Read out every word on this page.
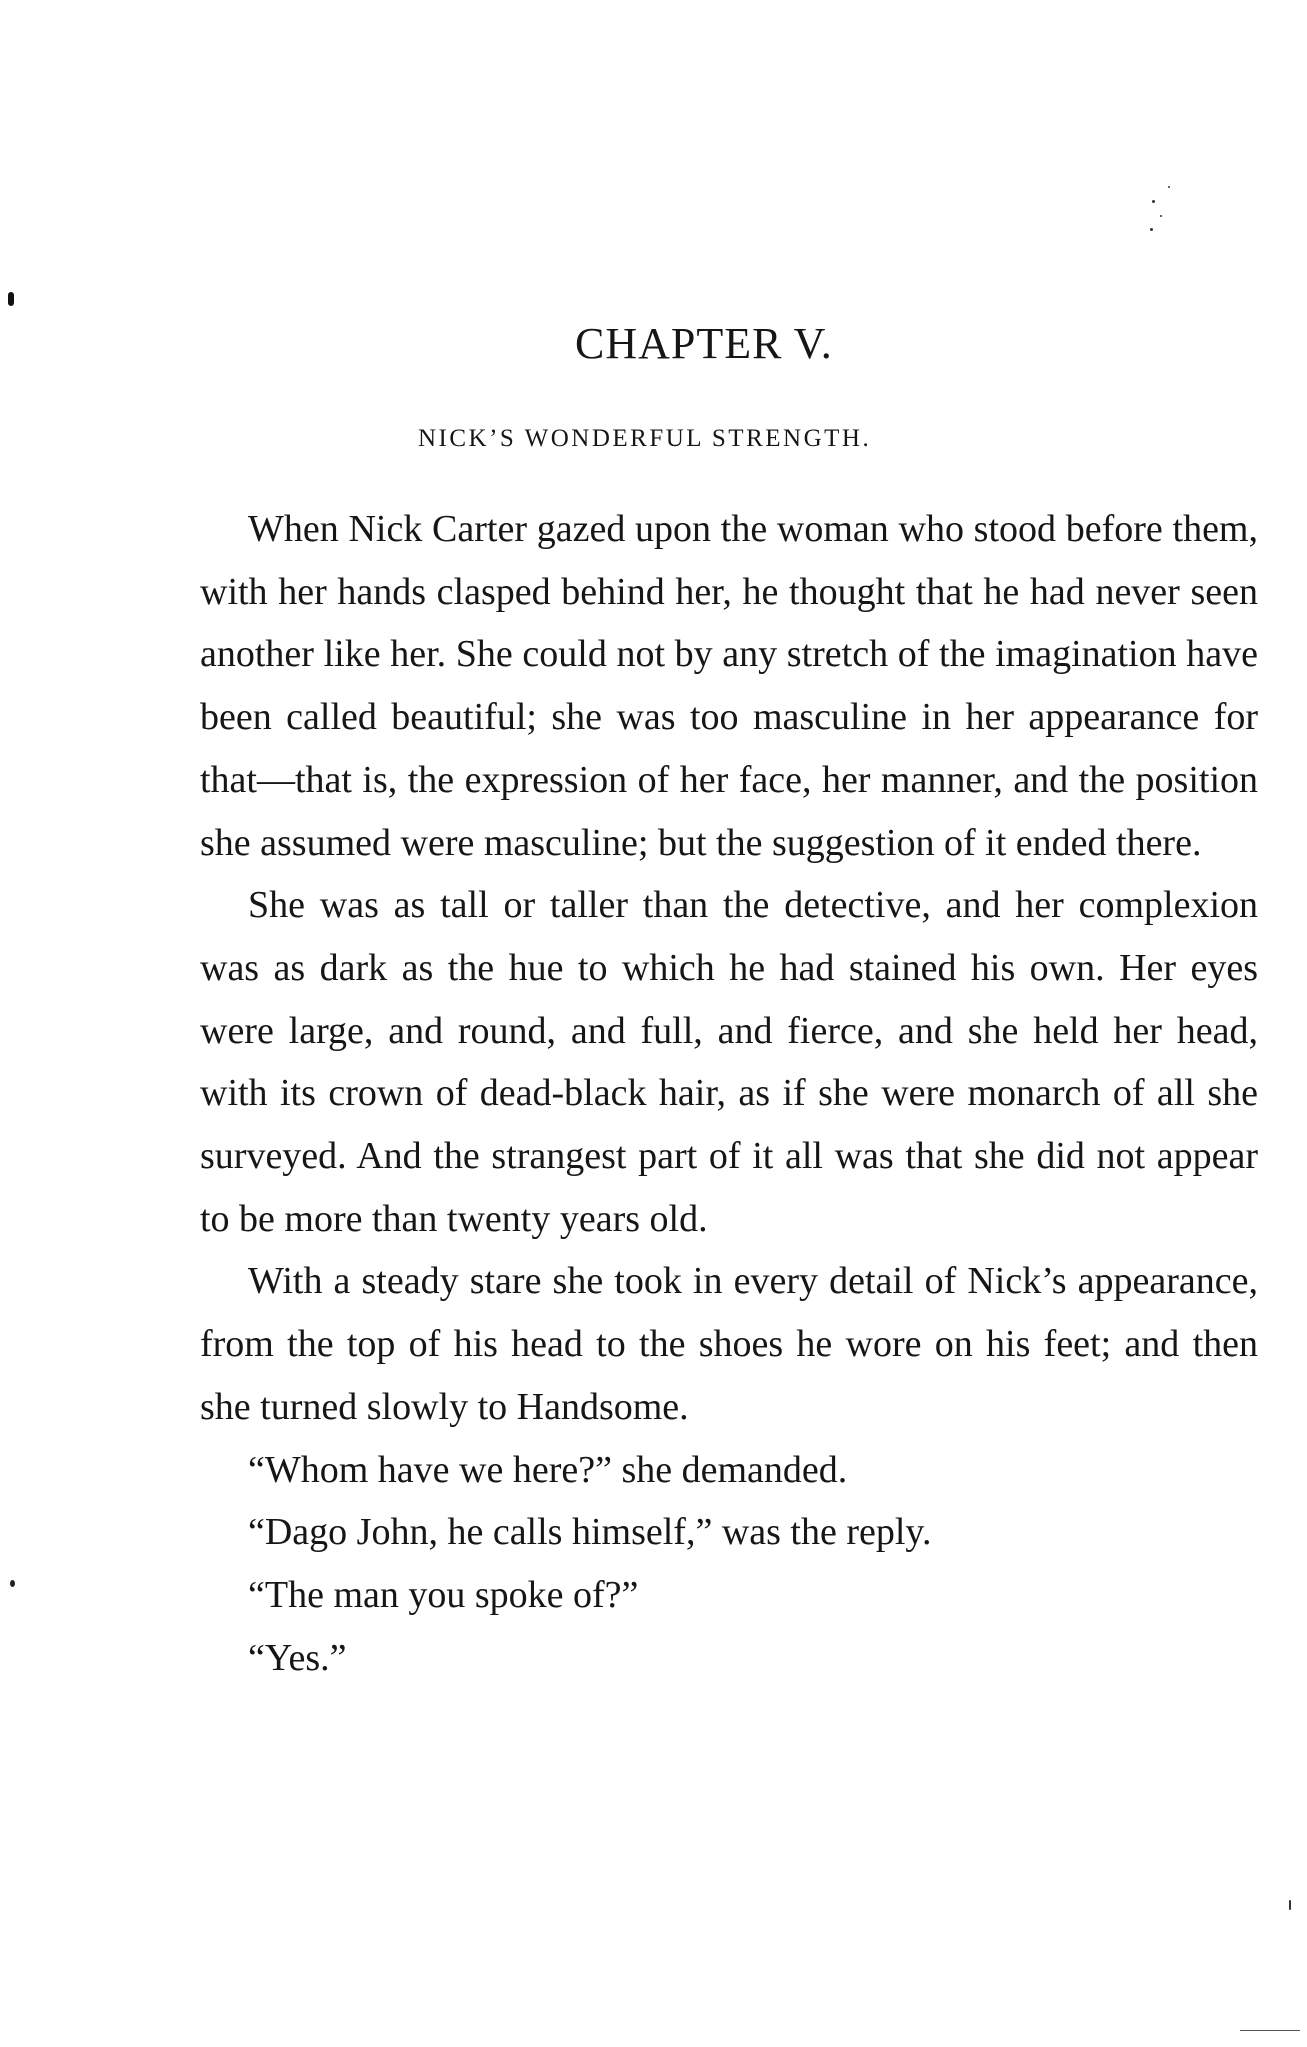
CHAPTER V.
NICK’S WONDERFUL STRENGTH.

When Nick Carter gazed upon the woman who stood before them, with her hands clasped behind her, he thought that he had never seen another like her. She could not by any stretch of the imagination have been called beautiful; she was too masculine in her appearance for that—that is, the expression of her face, her manner, and the position she assumed were masculine; but the suggestion of it ended there.

She was as tall or taller than the detective, and her complexion was as dark as the hue to which he had stained his own. Her eyes were large, and round, and full, and fierce, and she held her head, with its crown of dead-black hair, as if she were monarch of all she surveyed. And the strangest part of it all was that she did not appear to be more than twenty years old.

With a steady stare she took in every detail of Nick’s appearance, from the top of his head to the shoes he wore on his feet; and then she turned slowly to Handsome.

“Whom have we here?” she demanded.

“Dago John, he calls himself,” was the reply.

“The man you spoke of?”

“Yes.”
